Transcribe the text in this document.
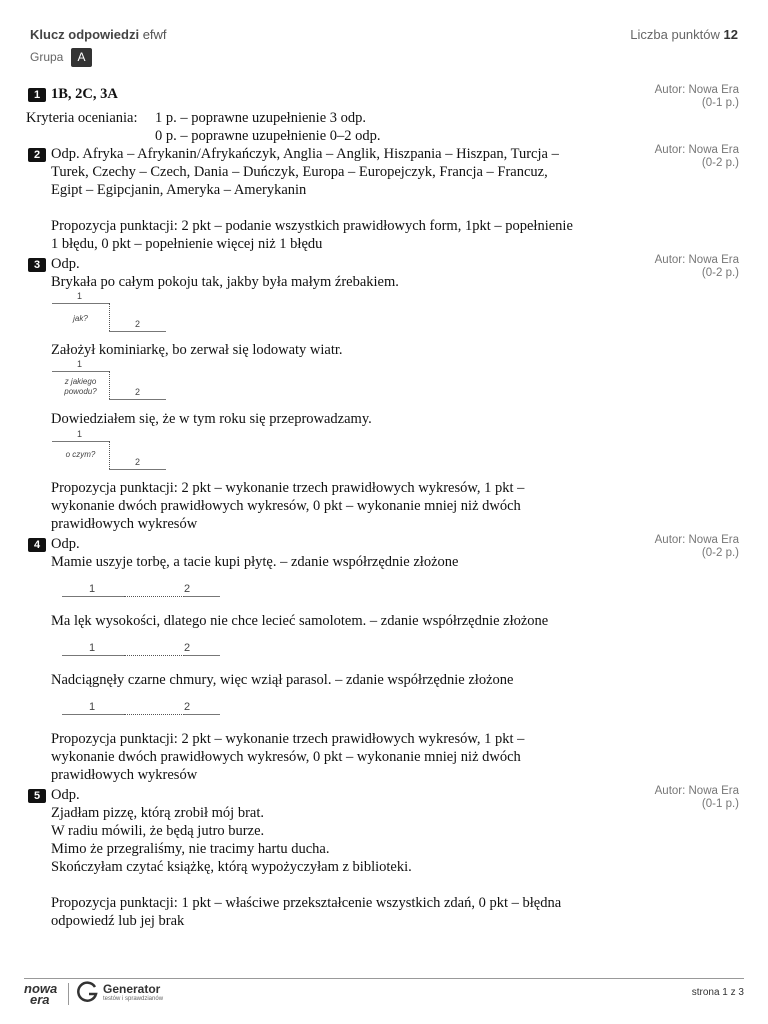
Klucz odpowiedzi efwf	Liczba punktów 12
Grupa	A
1 1B, 2C, 3A	Autor: Nowa Era
(0-1 p.)
Kryteria oceniania: 1 p. – poprawne uzupełnienie 3 odp.
0 p. – poprawne uzupełnienie 0–2 odp.
2	Autor: Nowa Era
(0-2 p.)
Odp. Afryka – Afrykanin/Afrykańczyk, Anglia – Anglik, Hiszpania – Hiszpan, Turcja –
Turek, Czechy – Czech, Dania – Duńczyk, Europa – Europejczyk, Francja – Francuz,
Egipt – Egipcjanin, Ameryka – Amerykanin
Propozycja punktacji: 2 pkt – podanie wszystkich prawidłowych form, 1pkt – popełnienie
1 błędu, 0 pkt – popełnienie więcej niż 1 błędu
3	Autor: Nowa Era
(0-2 p.)
Odp.
Brykała po całym pokoju tak, jakby była małym źrebakiem.
1
2
jak?
Założył kominiarkę, bo zerwał się lodowaty wiatr.
1
2
z jakiego
powodu?
Dowiedziałem się, że w tym roku się przeprowadzamy.
1
2
o czym?
Propozycja punktacji: 2 pkt – wykonanie trzech prawidłowych wykresów, 1 pkt –
wykonanie dwóch prawidłowych wykresów, 0 pkt – wykonanie mniej niż dwóch
prawidłowych wykresów
4	Autor: Nowa Era
(0-2 p.)
Odp.
Mamie uszyje torbę, a tacie kupi płytę. – zdanie współrzędnie złożone
1	2
Ma lęk wysokości, dlatego nie chce lecieć samolotem. – zdanie współrzędnie złożone
1	2
Nadciągnęły czarne chmury, więc wziął parasol. – zdanie współrzędnie złożone
1	2
Propozycja punktacji: 2 pkt – wykonanie trzech prawidłowych wykresów, 1 pkt –
wykonanie dwóch prawidłowych wykresów, 0 pkt – wykonanie mniej niż dwóch
prawidłowych wykresów
5	Autor: Nowa Era
(0-1 p.)
Odp.
Zjadłam pizzę, którą zrobił mój brat.
W radiu mówili, że będą jutro burze.
Mimo że przegraliśmy, nie tracimy hartu ducha.
Skończyłam czytać książkę, którą wypożyczyłam z biblioteki.
Propozycja punktacji: 1 pkt – właściwe przekształcenie wszystkich zdań, 0 pkt – błędna
odpowiedź lub jej brak
nowa
era
Generator
testów i sprawdzianów
strona 1 z 3
